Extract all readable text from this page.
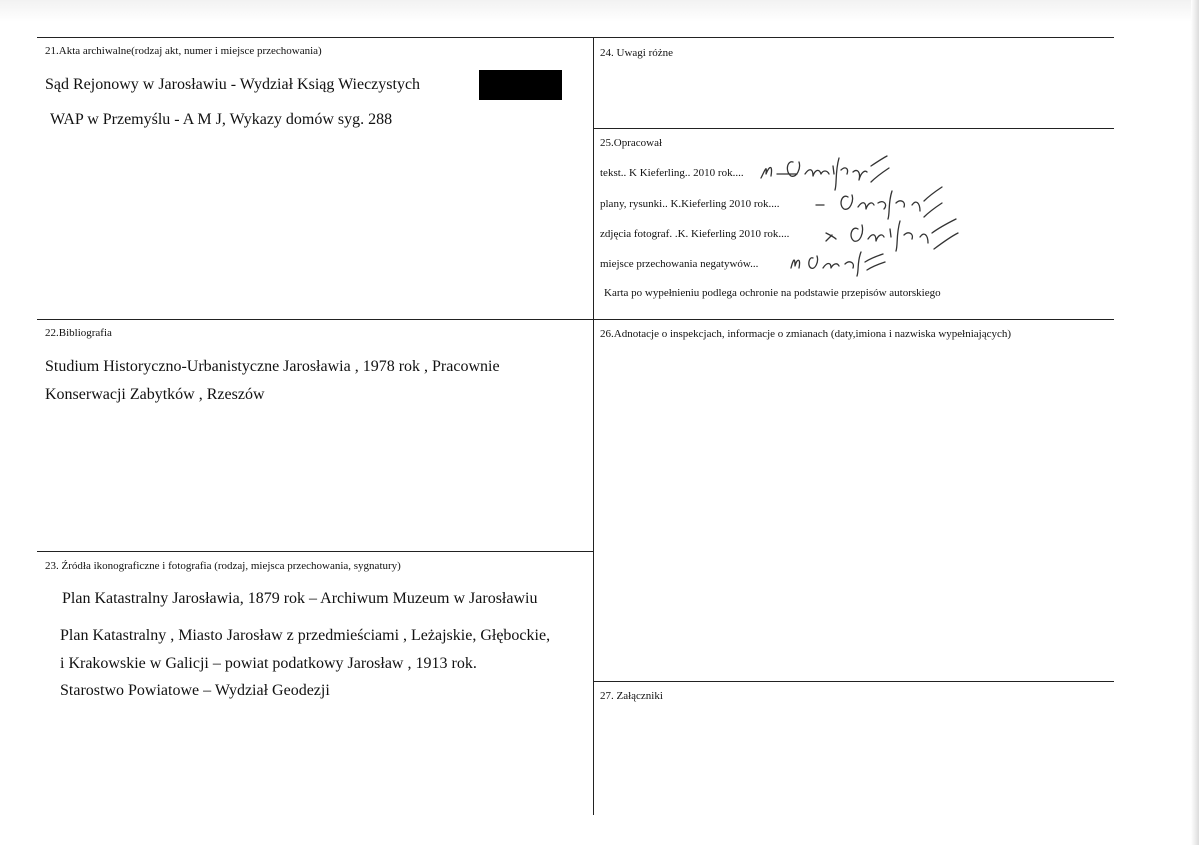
21.Akta archiwalne(rodzaj akt, numer i miejsce przechowania)
Sąd Rejonowy w Jarosławiu - Wydział Ksiąg Wieczystych
WAP w Przemyślu - A M J, Wykazy domów syg. 288
22.Bibliografia
Studium Historyczno-Urbanistyczne Jarosławia , 1978 rok , Pracownie
Konserwacji Zabytków , Rzeszów
23. Źródła ikonograficzne i fotografia (rodzaj, miejsca przechowania, sygnatury)
Plan Katastralny Jarosławia, 1879 rok – Archiwum Muzeum w Jarosławiu
Plan Katastralny , Miasto Jarosław z przedmieściami , Leżajskie, Głębockie,
i Krakowskie w Galicji – powiat podatkowy Jarosław , 1913 rok.
Starostwo Powiatowe – Wydział Geodezji
24. Uwagi różne
25.Opracował
tekst.. K Kieferling.. 2010 rok....
plany, rysunki.. K.Kieferling 2010 rok....
zdjęcia fotograf. .K. Kieferling 2010 rok....
miejsce przechowania negatywów...
Karta po wypełnieniu podlega ochronie na podstawie przepisów autorskiego
26.Adnotacje o inspekcjach, informacje o zmianach (daty,imiona i nazwiska wypełniających)
27. Załączniki
